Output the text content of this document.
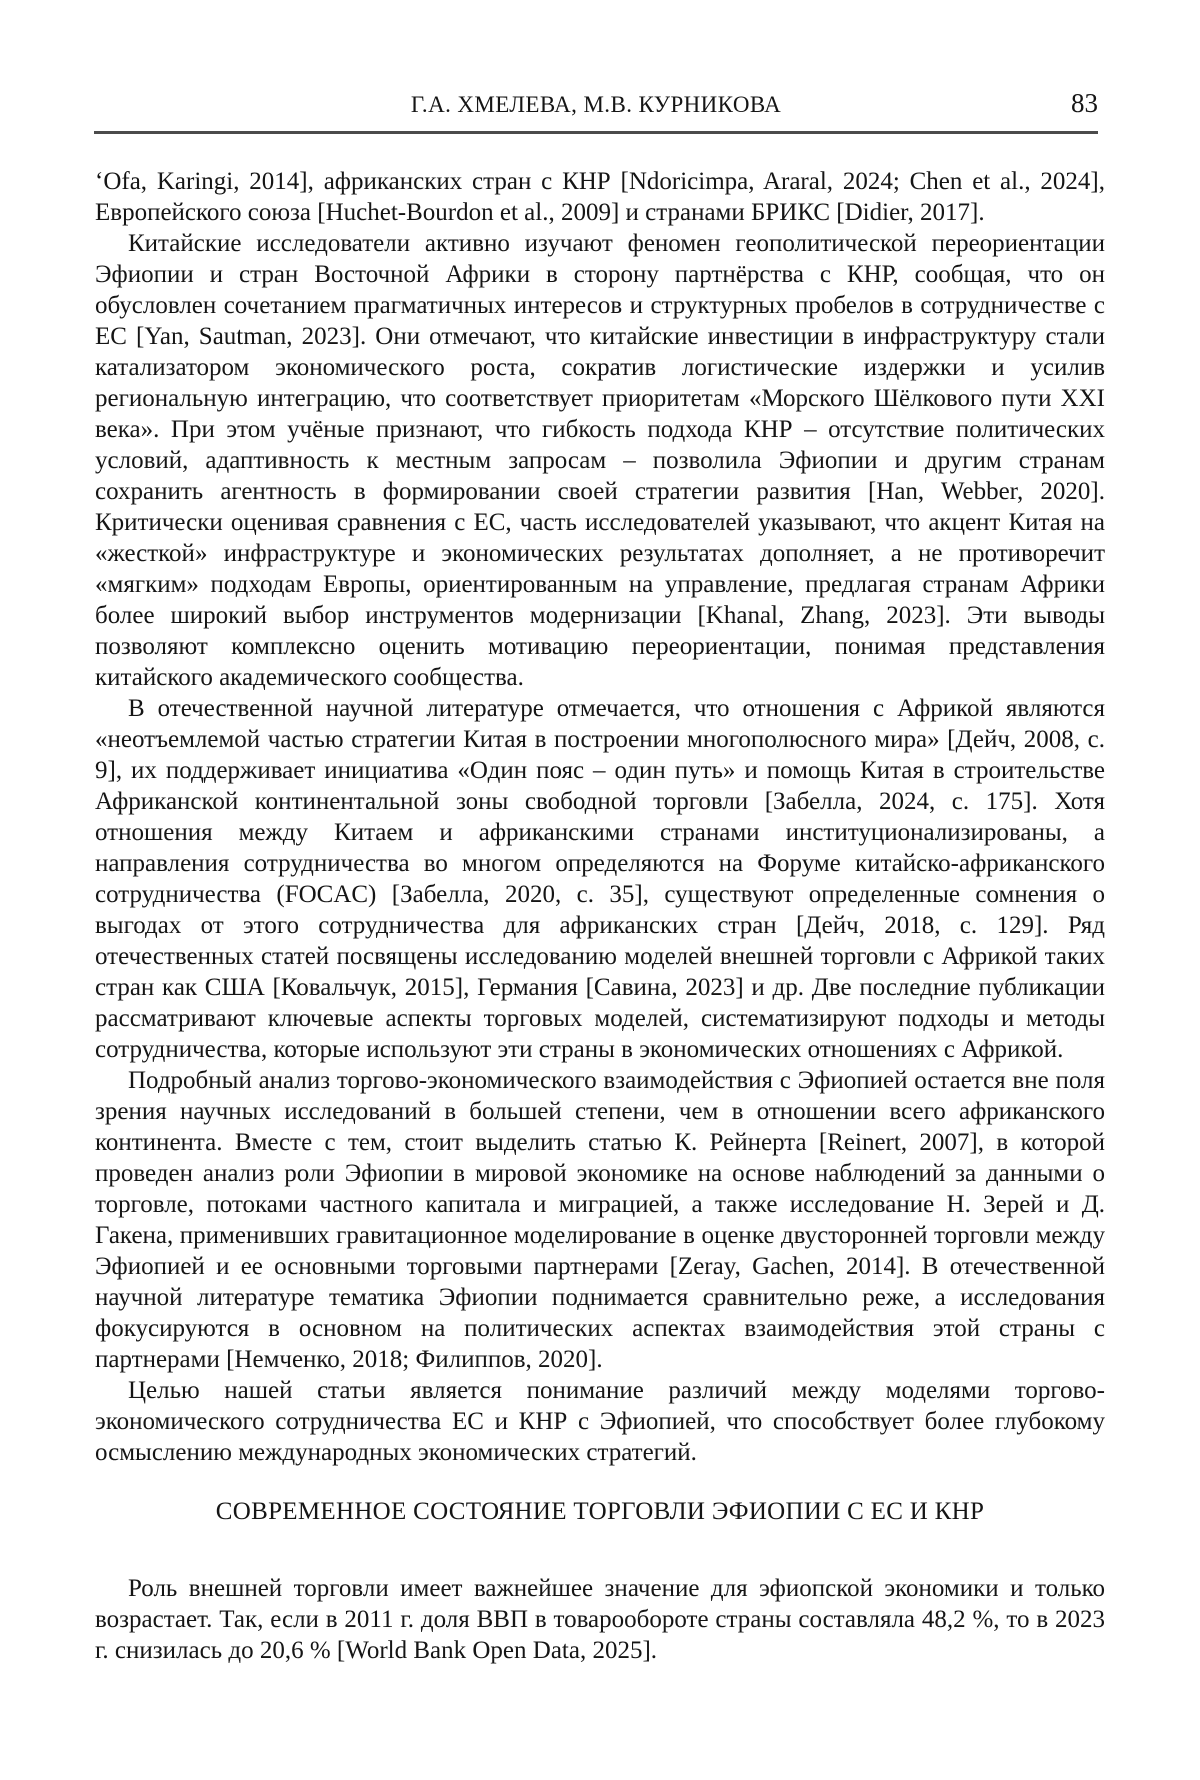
Г.А. ХМЕЛЕВА, М.В. КУРНИКОВА	83

‘Ofa, Karingi, 2014], африканских стран с КНР [Ndoricimpa, Araral, 2024; Chen et al., 2024], Европейского союза [Huchet-Bourdon et al., 2009] и странами БРИКС [Didier, 2017].

Китайские исследователи активно изучают феномен геополитической переориентации Эфиопии и стран Восточной Африки в сторону партнёрства с КНР, сообщая, что он обусловлен сочетанием прагматичных интересов и структурных пробелов в сотрудничестве с ЕС [Yan, Sautman, 2023]. Они отмечают, что китайские инвестиции в инфраструктуру стали катализатором экономического роста, сократив логистические издержки и усилив региональную интеграцию, что соответствует приоритетам «Морского Шёлкового пути XXI века». При этом учёные признают, что гибкость подхода КНР – отсутствие политических условий, адаптивность к местным запросам – позволила Эфиопии и другим странам сохранить агентность в формировании своей стратегии развития [Han, Webber, 2020]. Критически оценивая сравнения с ЕС, часть исследователей указывают, что акцент Китая на «жесткой» инфраструктуре и экономических результатах дополняет, а не противоречит «мягким» подходам Европы, ориентированным на управление, предлагая странам Африки более широкий выбор инструментов модернизации [Khanal, Zhang, 2023]. Эти выводы позволяют комплексно оценить мотивацию переориентации, понимая представления китайского академического сообщества.

В отечественной научной литературе отмечается, что отношения с Африкой являются «неотъемлемой частью стратегии Китая в построении многополюсного мира» [Дейч, 2008, с. 9], их поддерживает инициатива «Один пояс – один путь» и помощь Китая в строительстве Африканской континентальной зоны свободной торговли [Забелла, 2024, с. 175]. Хотя отношения между Китаем и африканскими странами институционализированы, а направления сотрудничества во многом определяются на Форуме китайско-африканского сотрудничества (FOCAC) [Забелла, 2020, с. 35], существуют определенные сомнения о выгодах от этого сотрудничества для африканских стран [Дейч, 2018, с. 129]. Ряд отечественных статей посвящены исследованию моделей внешней торговли с Африкой таких стран как США [Ковальчук, 2015], Германия [Савина, 2023] и др. Две последние публикации рассматривают ключевые аспекты торговых моделей, систематизируют подходы и методы сотрудничества, которые используют эти страны в экономических отношениях с Африкой.

Подробный анализ торгово-экономического взаимодействия с Эфиопией остается вне поля зрения научных исследований в большей степени, чем в отношении всего африканского континента. Вместе с тем, стоит выделить статью К. Рейнерта [Reinert, 2007], в которой проведен анализ роли Эфиопии в мировой экономике на основе наблюдений за данными о торговле, потоками частного капитала и миграцией, а также исследование Н. Зерей и Д. Гакена, применивших гравитационное моделирование в оценке двусторонней торговли между Эфиопией и ее основными торговыми партнерами [Zeray, Gachen, 2014]. В отечественной научной литературе тематика Эфиопии поднимается сравнительно реже, а исследования фокусируются в основном на политических аспектах взаимодействия этой страны с партнерами [Немченко, 2018; Филиппов, 2020].

Целью нашей статьи является понимание различий между моделями торгово-экономического сотрудничества ЕС и КНР с Эфиопией, что способствует более глубокому осмыслению международных экономических стратегий.

СОВРЕМЕННОЕ СОСТОЯНИЕ ТОРГОВЛИ ЭФИОПИИ С ЕС И КНР

Роль внешней торговли имеет важнейшее значение для эфиопской экономики и только возрастает. Так, если в 2011 г. доля ВВП в товарообороте страны составляла 48,2 %, то в 2023 г. снизилась до 20,6 % [World Bank Open Data, 2025].
